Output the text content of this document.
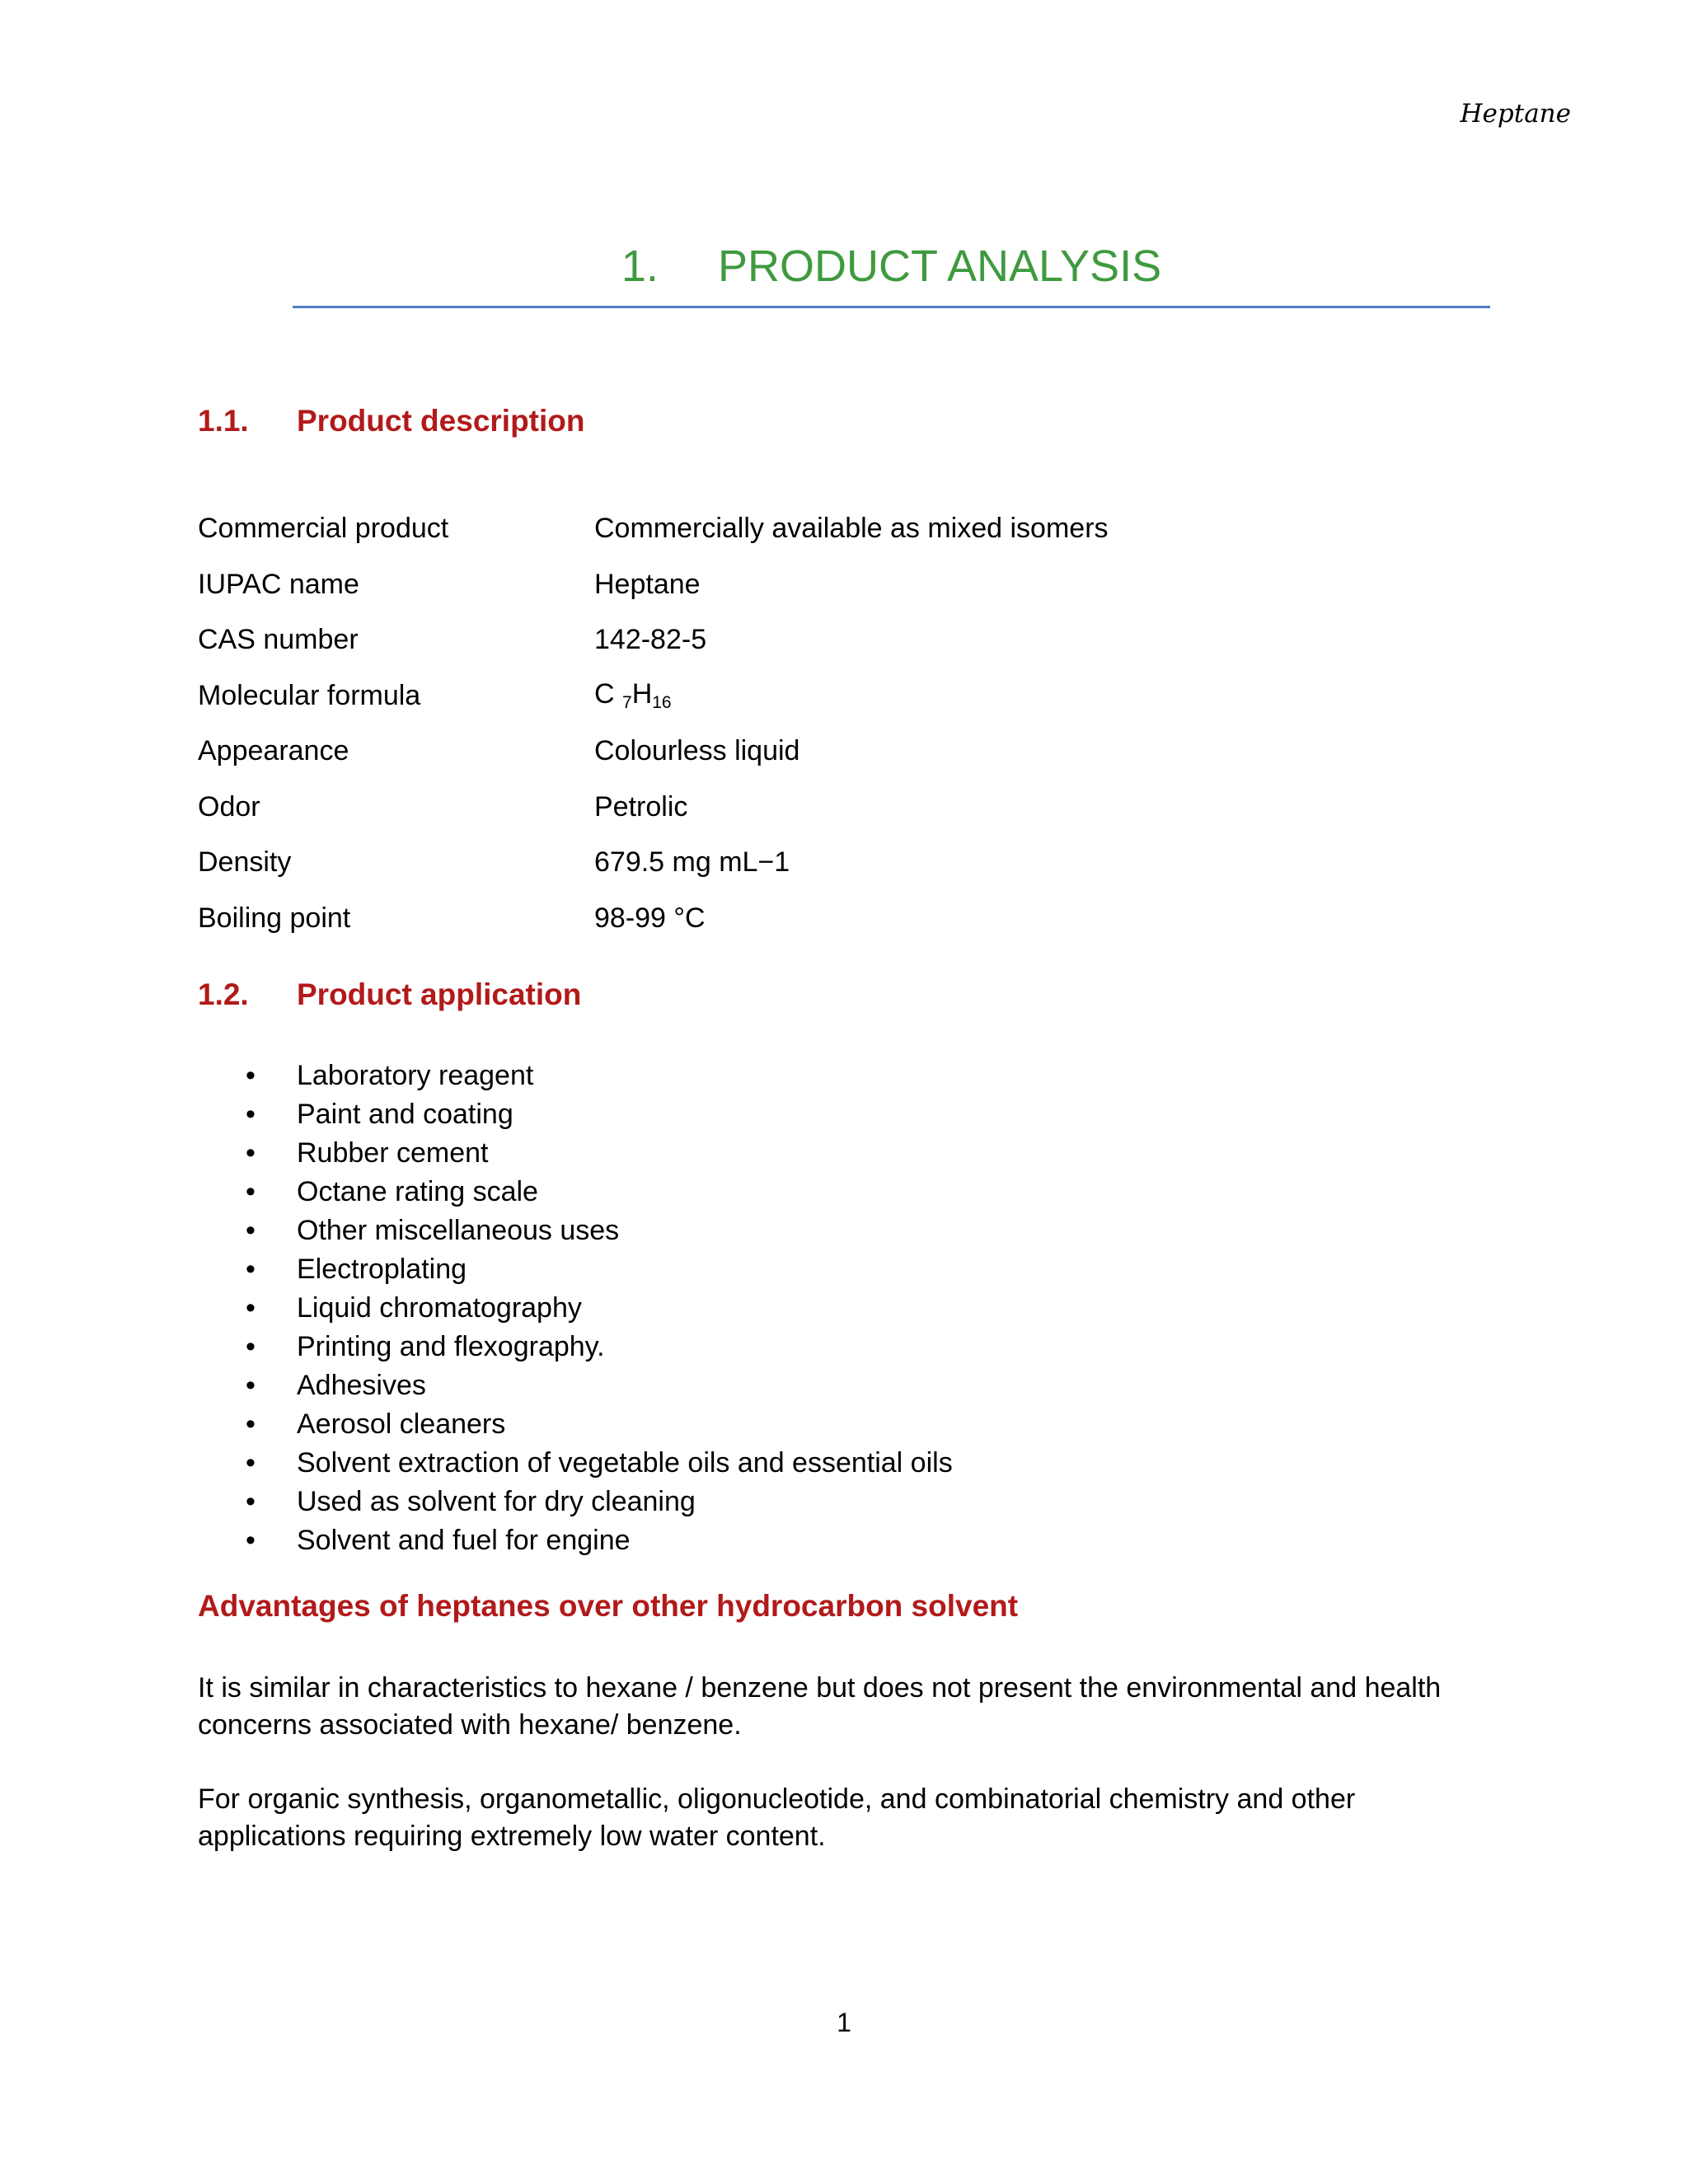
Heptane
1. PRODUCT ANALYSIS
1.1. Product description
Commercial product	Commercially available as mixed isomers
IUPAC name	Heptane
CAS number	142-82-5
Molecular formula	C $_7H_{16}$
Appearance	Colourless liquid
Odor	Petrolic
Density	679.5 mg mL−1
Boiling point	98-99 °C
1.2. Product application
• Laboratory reagent
• Paint and coating
• Rubber cement
• Octane rating scale
• Other miscellaneous uses
• Electroplating
• Liquid chromatography
• Printing and flexography.
• Adhesives
• Aerosol cleaners
• Solvent extraction of vegetable oils and essential oils
• Used as solvent for dry cleaning
• Solvent and fuel for engine
Advantages of heptanes over other hydrocarbon solvent

It is similar in characteristics to hexane / benzene but does not present the environmental and health concerns associated with hexane/ benzene.

For organic synthesis, organometallic, oligonucleotide, and combinatorial chemistry and other applications requiring extremely low water content.

1
